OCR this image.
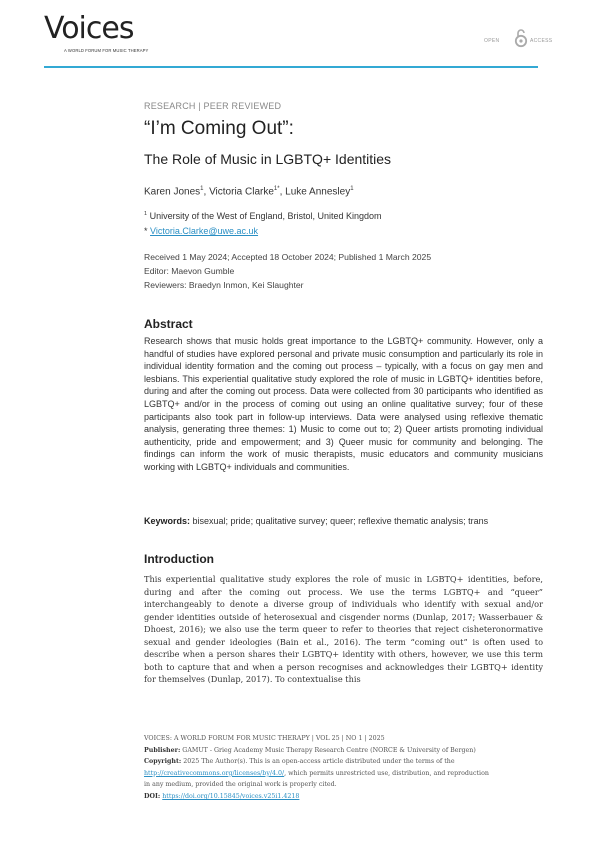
Voices
A WORLD FORUM FOR MUSIC THERAPY
OPEN	ACCESS
RESEARCH | PEER REVIEWED
“I’m Coming Out”:
The Role of Music in LGBTQ+ Identities
Karen Jones$^1$, Victoria Clarke$^{1*}$, Luke Annesley$^1$
$^1$ University of the West of England, Bristol, United Kingdom
* Victoria.Clarke@uwe.ac.uk
Received 1 May 2024; Accepted 18 October 2024; Published 1 March 2025
Editor: Maevon Gumble
Reviewers: Braedyn Inmon, Kei Slaughter
Abstract
Research shows that music holds great importance to the LGBTQ+ community. However, only a handful of studies have explored personal and private music consumption and particularly its role in individual identity formation and the coming out process – typically, with a focus on gay men and lesbians. This experiential qualitative study explored the role of music in LGBTQ+ identities before, during and after the coming out process. Data were collected from 30 participants who identified as LGBTQ+ and/or in the process of coming out using an online qualitative survey; four of these participants also took part in follow-up interviews. Data were analysed using reflexive thematic analysis, generating three themes: 1) Music to come out to; 2) Queer artists promoting individual authenticity, pride and empowerment; and 3) Queer music for community and belonging. The findings can inform the work of music therapists, music educators and community musicians working with LGBTQ+ individuals and communities.
Keywords: bisexual; pride; qualitative survey; queer; reflexive thematic analysis; trans
Introduction
This experiential qualitative study explores the role of music in LGBTQ+ identities, before, during and after the coming out process. We use the terms LGBTQ+ and “queer” interchangeably to denote a diverse group of individuals who identify with sexual and/or gender identities outside of heterosexual and cisgender norms (Dunlap, 2017; Wasserbauer & Dhoest, 2016); we also use the term queer to refer to theories that reject cisheteronormative sexual and gender ideologies (Bain et al., 2016). The term “coming out” is often used to describe when a person shares their LGBTQ+ identity with others, however, we use this term both to capture that and when a person recognises and acknowledges their LGBTQ+ identity for themselves (Dunlap, 2017). To contextualise this
VOICES: A WORLD FORUM FOR MUSIC THERAPY | VOL 25 | NO 1 | 2025
Publisher: GAMUT - Grieg Academy Music Therapy Research Centre (NORCE & University of Bergen)
Copyright: 2025 The Author(s). This is an open-access article distributed under the terms of the
http://creativecommons.org/licenses/by/4.0/, which permits unrestricted use, distribution, and reproduction
in any medium, provided the original work is properly cited.
DOI: https://doi.org/10.15845/voices.v25i1.4218
